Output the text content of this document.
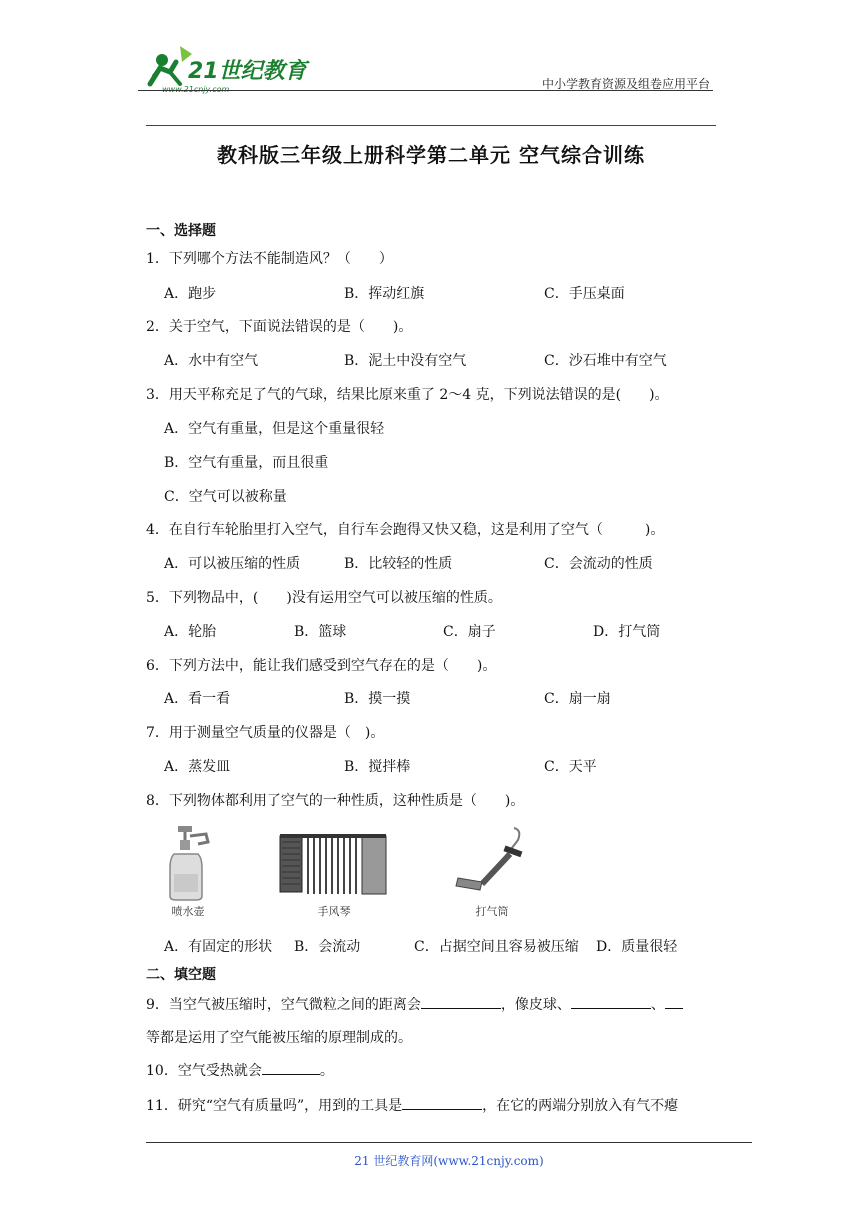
21世纪教育
www.21cnjy.com	中小学教育资源及组卷应用平台
教科版三年级上册科学第二单元 空气综合训练
一、选择题
1．下列哪个方法不能制造风？（　　）
A．跑步	B．挥动红旗	C．手压桌面
2．关于空气，下面说法错误的是（　　)。
A．水中有空气	B．泥土中没有空气	C．沙石堆中有空气
3．用天平称充足了气的气球，结果比原来重了 2～4 克，下列说法错误的是(　　)。
A．空气有重量，但是这个重量很轻
B．空气有重量，而且很重
C．空气可以被称量
4．在自行车轮胎里打入空气，自行车会跑得又快又稳，这是利用了空气（　　　)。
A．可以被压缩的性质	B．比较轻的性质	C．会流动的性质
5．下列物品中，(　　)没有运用空气可以被压缩的性质。
A．轮胎	B．篮球	C．扇子	D．打气筒
6．下列方法中，能让我们感受到空气存在的是（　　)。
A．看一看	B．摸一摸	C．扇一扇
7．用于测量空气质量的仪器是（　)。
A．蒸发皿	B．搅拌棒	C．天平
8．下列物体都利用了空气的一种性质，这种性质是（　　)。
喷水壶	手风琴	打气筒
A．有固定的形状 B．会流动	C．占据空间且容易被压缩 D．质量很轻
二、填空题
9．当空气被压缩时，空气微粒之间的距离会	，像皮球、	、
等都是运用了空气能被压缩的原理制成的。
10．空气受热就会	。
11．研究“空气有质量吗”，用到的工具是	，在它的两端分别放入有气不瘪
21 世纪教育网(www.21cnjy.com)
